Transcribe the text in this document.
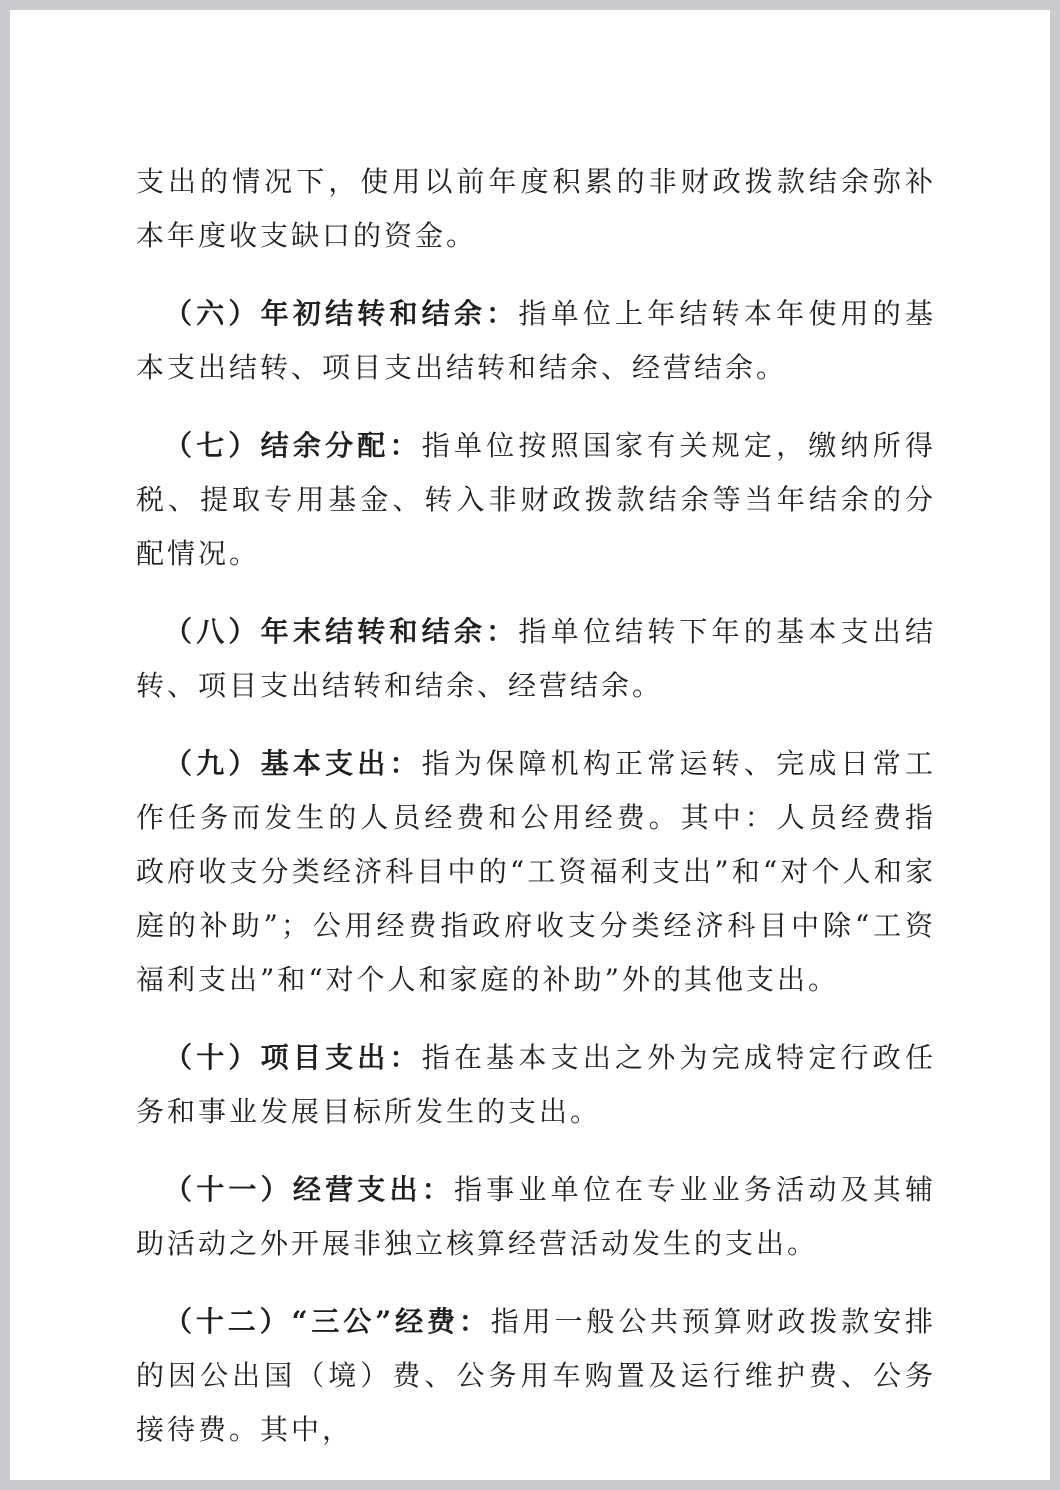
支出的情况下，使用以前年度积累的非财政拨款结余弥补本年度收支缺口的资金。

（六）年初结转和结余：指单位上年结转本年使用的基本支出结转、项目支出结转和结余、经营结余。

（七）结余分配：指单位按照国家有关规定，缴纳所得税、提取专用基金、转入非财政拨款结余等当年结余的分配情况。

（八）年末结转和结余：指单位结转下年的基本支出结转、项目支出结转和结余、经营结余。

（九）基本支出：指为保障机构正常运转、完成日常工作任务而发生的人员经费和公用经费。其中：人员经费指政府收支分类经济科目中的“工资福利支出”和“对个人和家庭的补助”；公用经费指政府收支分类经济科目中除“工资福利支出”和“对个人和家庭的补助”外的其他支出。

（十）项目支出：指在基本支出之外为完成特定行政任务和事业发展目标所发生的支出。

（十一）经营支出：指事业单位在专业业务活动及其辅助活动之外开展非独立核算经营活动发生的支出。

（十二）“三公”经费：指用一般公共预算财政拨款安排的因公出国（境）费、公务用车购置及运行维护费、公务接待费。其中，
